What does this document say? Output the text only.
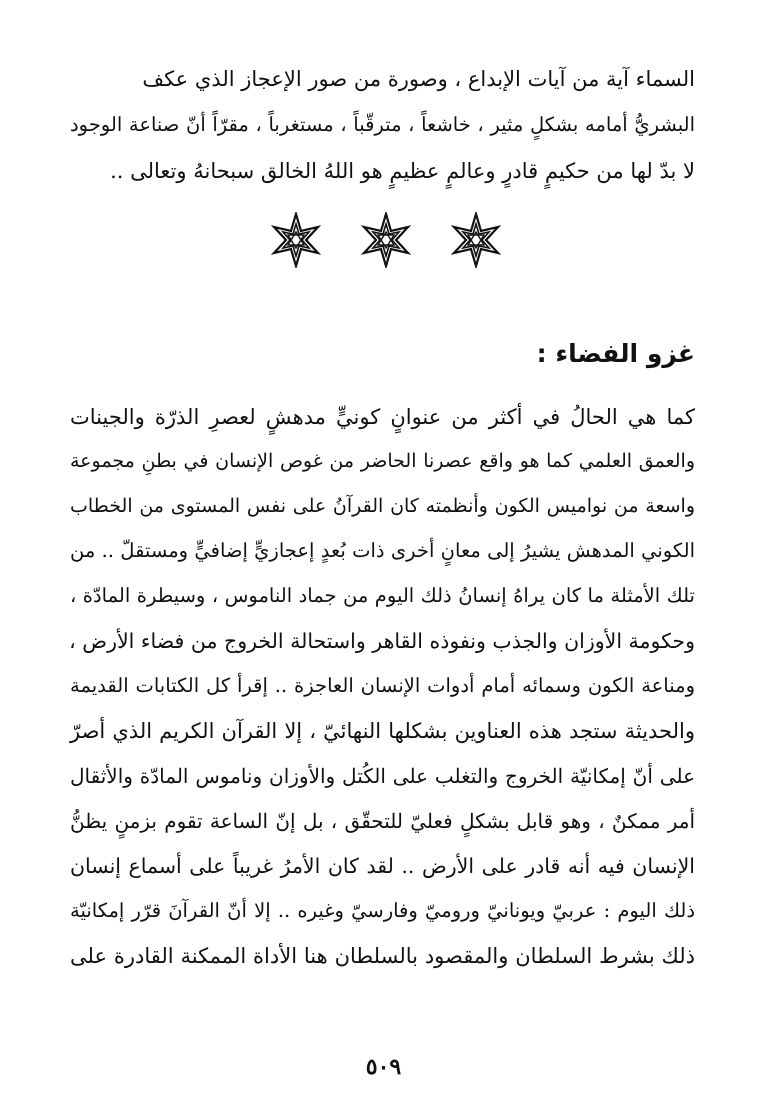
السماء آية من آيات الإبداع ، وصورة من صور الإعجاز الذي عكف
البشريُّ أمامه بشكلٍ مثير ، خاشعاً ، مترقّباً ، مستغرباً ، مقرّاً أنّ صناعة الوجود
لا بدّ لها من حكيمٍ قادرٍ وعالمٍ عظيمٍ هو اللهُ الخالق سبحانهُ وتعالى ..
غزو الفضاء :
كما هي الحالُ في أكثر من عنوانٍ كونيٍّ مدهشٍ لعصرِ الذرّة والجينات
والعمق العلمي كما هو واقع عصرنا الحاضر من غوص الإنسان في بطنِ مجموعة
واسعة من نواميس الكون وأنظمته كان القرآنُ على نفس المستوى من الخطاب
الكوني المدهش يشيرُ إلى معانٍ أخرى ذات بُعدٍ إعجازيٍّ إضافيٍّ ومستقلّ .. من
تلك الأمثلة ما كان يراهُ إنسانُ ذلك اليوم من جماد الناموس ، وسيطرة المادّة ،
وحكومة الأوزان والجذب ونفوذه القاهر واستحالة الخروج من فضاء الأرض ،
ومناعة الكون وسمائه أمام أدوات الإنسان العاجزة .. إقرأ كل الكتابات القديمة
والحديثة ستجد هذه العناوين بشكلها النهائيّ ، إلا القرآن الكريم الذي أصرّ
على أنّ إمكانيّة الخروج والتغلب على الكُتل والأوزان وناموس المادّة والأثقال
أمر ممكنٌ ، وهو قابل بشكلٍ فعليّ للتحقّق ، بل إنّ الساعة تقوم بزمنٍ يظنُّ
الإنسان فيه أنه قادر على الأرض .. لقد كان الأمرُ غريباً على أسماع إنسان
ذلك اليوم : عربيّ ويونانيّ وروميّ وفارسيّ وغيره .. إلا أنّ القرآنَ قرّر إمكانيّة
ذلك بشرط السلطان والمقصود بالسلطان هنا الأداة الممكنة القادرة على
٥٠٩
